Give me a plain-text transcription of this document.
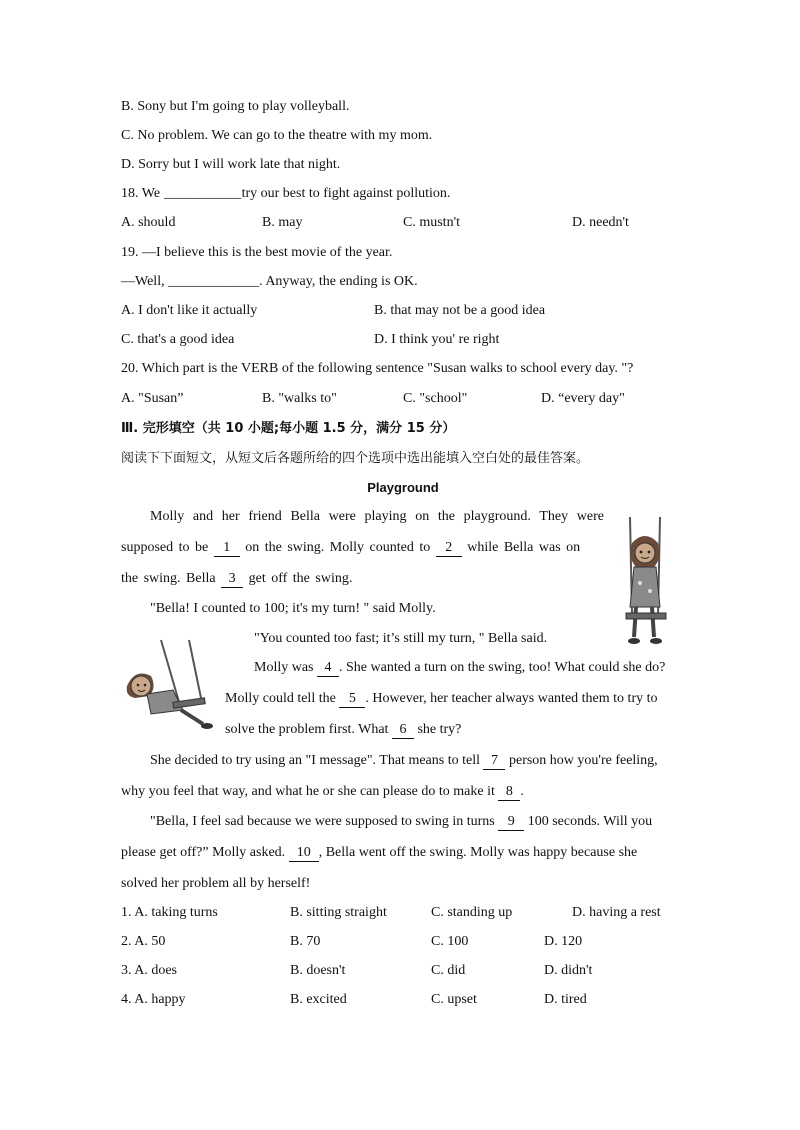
B. Sony but I'm going to play volleyball.
C. No problem. We can go to the theatre with my mom.
D. Sorry but I will work late that night.
18. We ___________try our best to fight against pollution.
A. should	B. may	C. mustn't	D. needn't
19. —I believe this is the best movie of the year.
—Well, _____________. Anyway, the ending is OK.
A. I don't like it actually	B. that may not be a good idea
C. that's a good idea	D. I think you' re right
20. Which part is the VERB of the following sentence "Susan walks to school every day. "?
A. "Susan”	B. "walks to"	C. "school"	D. “every day"
Ⅲ. 完形填空（共 10 小题;每小题 1.5 分，满分 15 分）
阅读下下面短文，从短文后各题所给的四个选项中选出能填入空白处的最佳答案。
Playground
Molly and her friend Bella were playing on the playground. They were
supposed to be 1 on the swing. Molly counted to 2 while Bella was on
the swing. Bella 3 get off the swing.
"Bella! I counted to 100; it's my turn! " said Molly.
"You counted too fast; it’s still my turn, " Bella said.
Molly was 4 . She wanted a turn on the swing, too! What could she do?
Molly could tell the 5 . However, her teacher always wanted them to try to
solve the problem first. What 6 she try?
She decided to try using an "I message". That means to tell 7 person how you're feeling,
why you feel that way, and what he or she can please do to make it 8 .
"Bella, I feel sad because we were supposed to swing in turns 9 100 seconds. Will you
please get off?” Molly asked. 10 , Bella went off the swing. Molly was happy because she
solved her problem all by herself!
1. A. taking turns	B. sitting straight	C. standing up	D. having a rest
2. A. 50	B. 70	C. 100	D. 120
3. A. does	B. doesn't	C. did	D. didn't
4. A. happy	B. excited	C. upset	D. tired
